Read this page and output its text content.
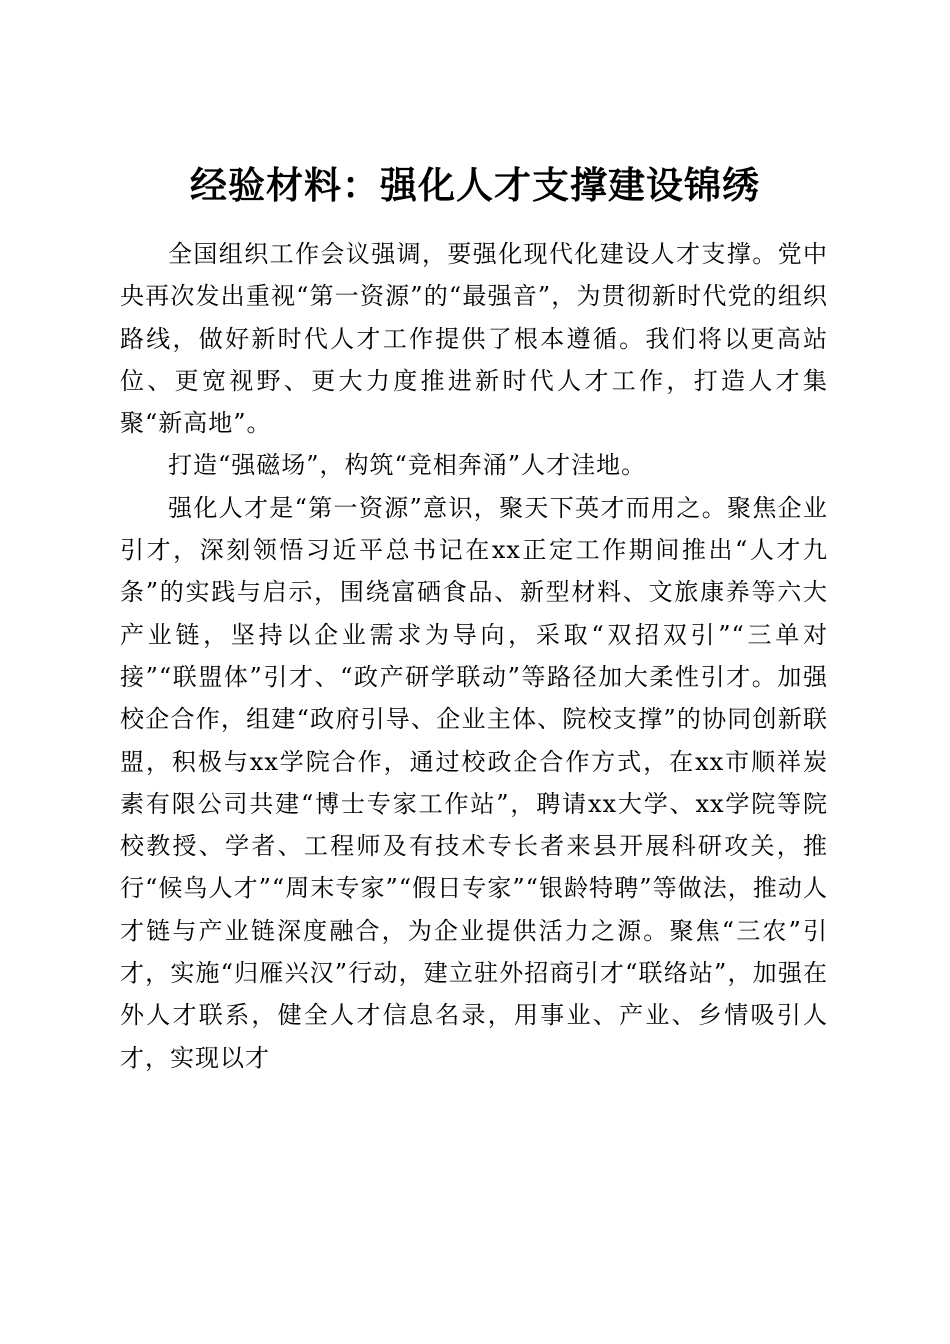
经验材料：强化人才支撑建设锦绣

全国组织工作会议强调，要强化现代化建设人才支撑。党中央再次发出重视“第一资源”的“最强音”，为贯彻新时代党的组织路线，做好新时代人才工作提供了根本遵循。我们将以更高站位、更宽视野、更大力度推进新时代人才工作，打造人才集聚“新高地”。

打造“强磁场”，构筑“竞相奔涌”人才洼地。

强化人才是“第一资源”意识，聚天下英才而用之。聚焦企业引才，深刻领悟习近平总书记在xx正定工作期间推出“人才九条”的实践与启示，围绕富硒食品、新型材料、文旅康养等六大产业链，坚持以企业需求为导向，采取“双招双引”“三单对接”“联盟体”引才、“政产研学联动”等路径加大柔性引才。加强校企合作，组建“政府引导、企业主体、院校支撑”的协同创新联盟，积极与xx学院合作，通过校政企合作方式，在xx市顺祥炭素有限公司共建“博士专家工作站”，聘请xx大学、xx学院等院校教授、学者、工程师及有技术专长者来县开展科研攻关，推行“候鸟人才”“周末专家”“假日专家”“银龄特聘”等做法，推动人才链与产业链深度融合，为企业提供活力之源。聚焦“三农”引才，实施“归雁兴汉”行动，建立驻外招商引才“联络站”，加强在外人才联系，健全人才信息名录，用事业、产业、乡情吸引人才，实现以才
